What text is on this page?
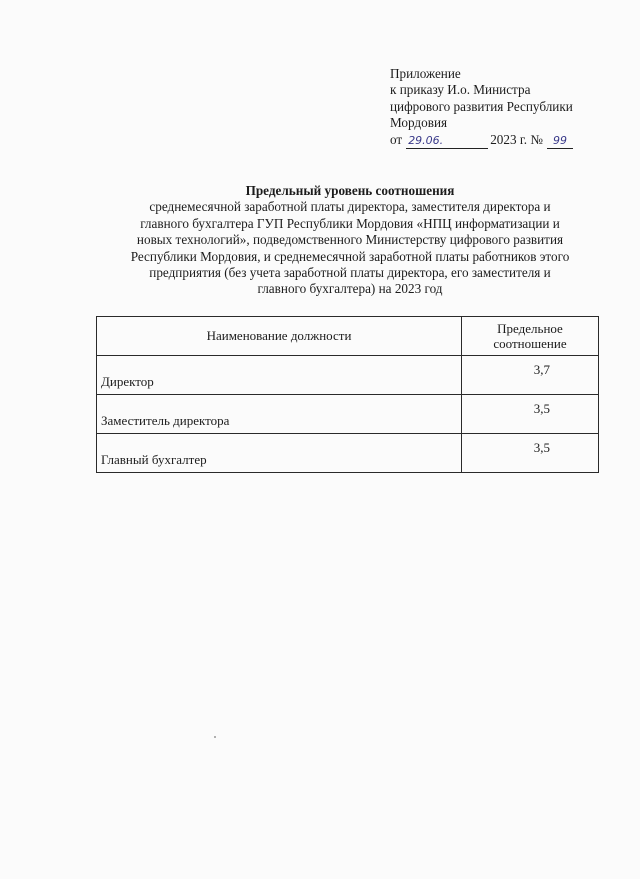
Приложение
к приказу И.о. Министра
цифрового развития Республики
Мордовия
от 29.06.	2023 г. № 99
Предельный уровень соотношения
среднемесячной заработной платы директора, заместителя директора и
главного бухгалтера ГУП Республики Мордовия «НПЦ информатизации и
новых технологий», подведомственного Министерству цифрового развития
Республики Мордовия, и среднемесячной заработной платы работников этого
предприятия (без учета заработной платы директора, его заместителя и
главного бухгалтера) на 2023 год
Наименование должности	Предельное
соотношение

Директор	3,7
Заместитель директора	3,5
Главный бухгалтер	3,5
